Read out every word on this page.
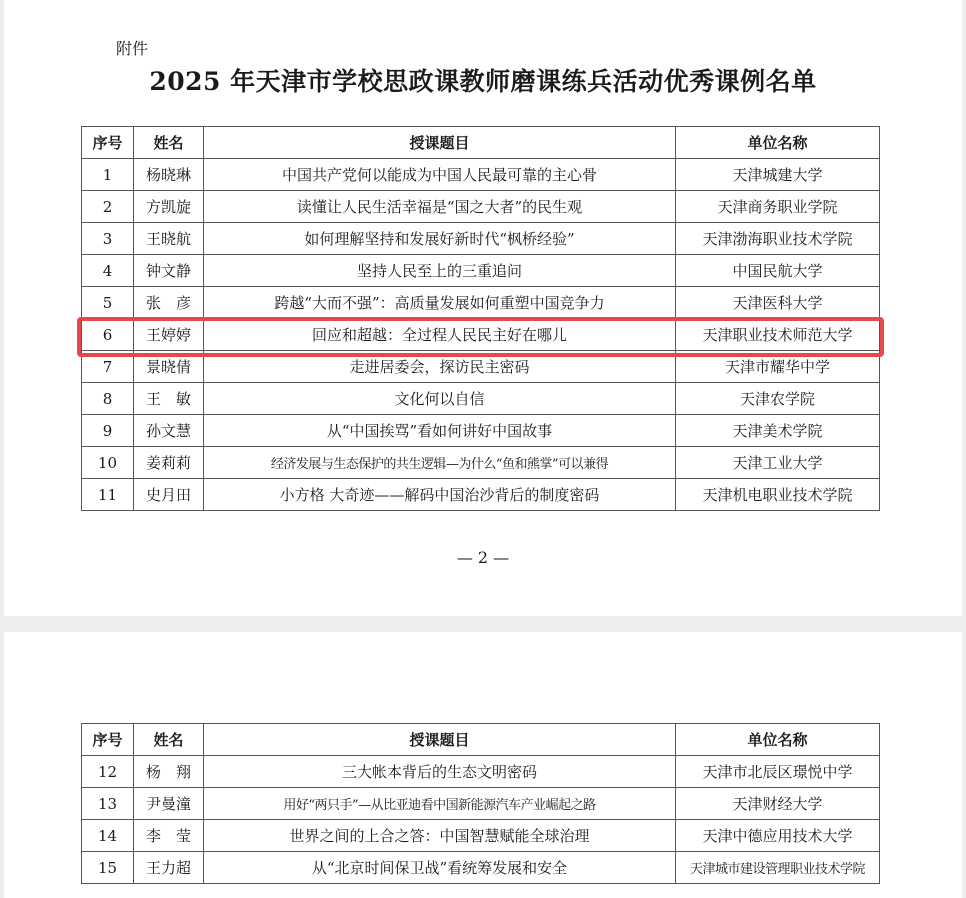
附件
2025 年天津市学校思政课教师磨课练兵活动优秀课例名单
序号	姓名	授课题目	单位名称
1	杨晓琳	中国共产党何以能成为中国人民最可靠的主心骨	天津城建大学
2	方凯旋	读懂让人民生活幸福是“国之大者”的民生观	天津商务职业学院
3	王晓航	如何理解坚持和发展好新时代“枫桥经验”	天津渤海职业技术学院
4	钟文静	坚持人民至上的三重追问	中国民航大学
5	张　彦	跨越“大而不强”：高质量发展如何重塑中国竞争力	天津医科大学
6	王婷婷	回应和超越：全过程人民民主好在哪儿	天津职业技术师范大学
7	景晓倩	走进居委会，探访民主密码	天津市耀华中学
8	王　敏	文化何以自信	天津农学院
9	孙文慧	从“中国挨骂”看如何讲好中国故事	天津美术学院
10	姜莉莉	经济发展与生态保护的共生逻辑—为什么“鱼和熊掌”可以兼得	天津工业大学
11	史月田	小方格 大奇迹——解码中国治沙背后的制度密码	天津机电职业技术学院
— 2 —
序号	姓名	授课题目	单位名称
12	杨　翔	三大帐本背后的生态文明密码	天津市北辰区璟悦中学
13	尹曼潼	用好“两只手”—从比亚迪看中国新能源汽车产业崛起之路	天津财经大学
14	李　莹	世界之间的上合之答：中国智慧赋能全球治理	天津中德应用技术大学
15	王力超	从“北京时间保卫战”看统筹发展和安全	天津城市建设管理职业技术学院
